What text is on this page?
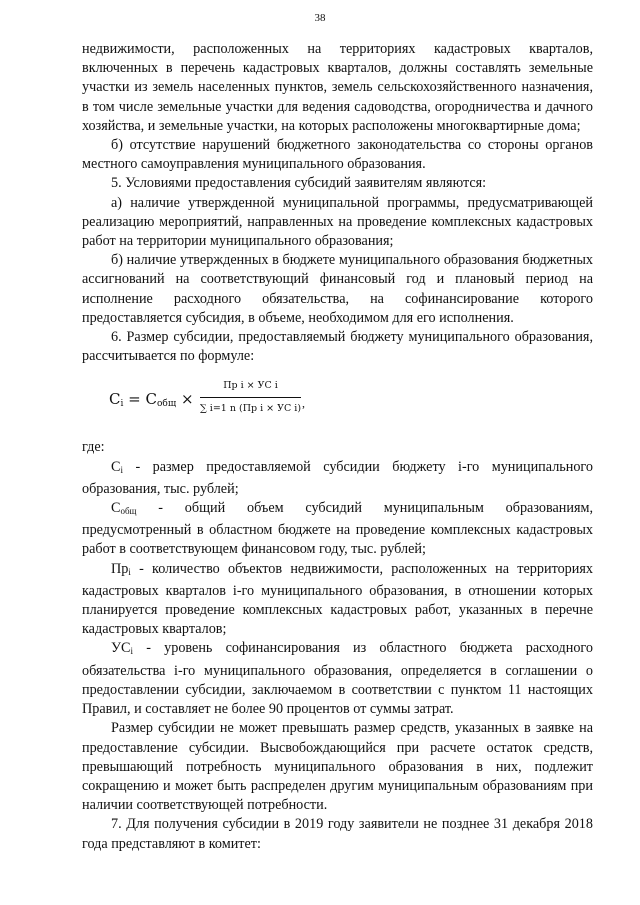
38

недвижимости, расположенных на территориях кадастровых кварталов, включенных в перечень кадастровых кварталов, должны составлять земельные участки из земель населенных пунктов, земель сельскохозяйственного назначения, в том числе земельные участки для ведения садоводства, огородничества и дачного хозяйства, и земельные участки, на которых расположены многоквартирные дома;

б) отсутствие нарушений бюджетного законодательства со стороны органов местного самоуправления муниципального образования.

5. Условиями предоставления субсидий заявителям являются:

а) наличие утвержденной муниципальной программы, предусматривающей реализацию мероприятий, направленных на проведение комплексных кадастровых работ на территории муниципального образования;

б) наличие утвержденных в бюджете муниципального образования бюджетных ассигнований на соответствующий финансовый год и плановый период на исполнение расходного обязательства, на софинансирование которого предоставляется субсидия, в объеме, необходимом для его исполнения.

6. Размер субсидии, предоставляемый бюджету муниципального образования, рассчитывается по формуле:

$С_i = С_{общ}$ ×
Пр i × УС i
∑ i=1 n (Пр i × УС i) ,

где:

$С_i$ - размер предоставляемой субсидии бюджету i-го муниципального образования, тыс. рублей;

$С_{общ}$ - общий объем субсидий муниципальным образованиям, предусмотренный в областном бюджете на проведение комплексных кадастровых работ в соответствующем финансовом году, тыс. рублей;

$Пр_i$ - количество объектов недвижимости, расположенных на территориях кадастровых кварталов i-го муниципального образования, в отношении которых планируется проведение комплексных кадастровых работ, указанных в перечне кадастровых кварталов;

$УС_i$ - уровень софинансирования из областного бюджета расходного обязательства i-го муниципального образования, определяется в соглашении о предоставлении субсидии, заключаемом в соответствии с пунктом 11 настоящих Правил, и составляет не более 90 процентов от суммы затрат.

Размер субсидии не может превышать размер средств, указанных в заявке на предоставление субсидии. Высвобождающийся при расчете остаток средств, превышающий потребность муниципального образования в них, подлежит сокращению и может быть распределен другим муниципальным образованиям при наличии соответствующей потребности.

7. Для получения субсидии в 2019 году заявители не позднее 31 декабря 2018 года представляют в комитет:
